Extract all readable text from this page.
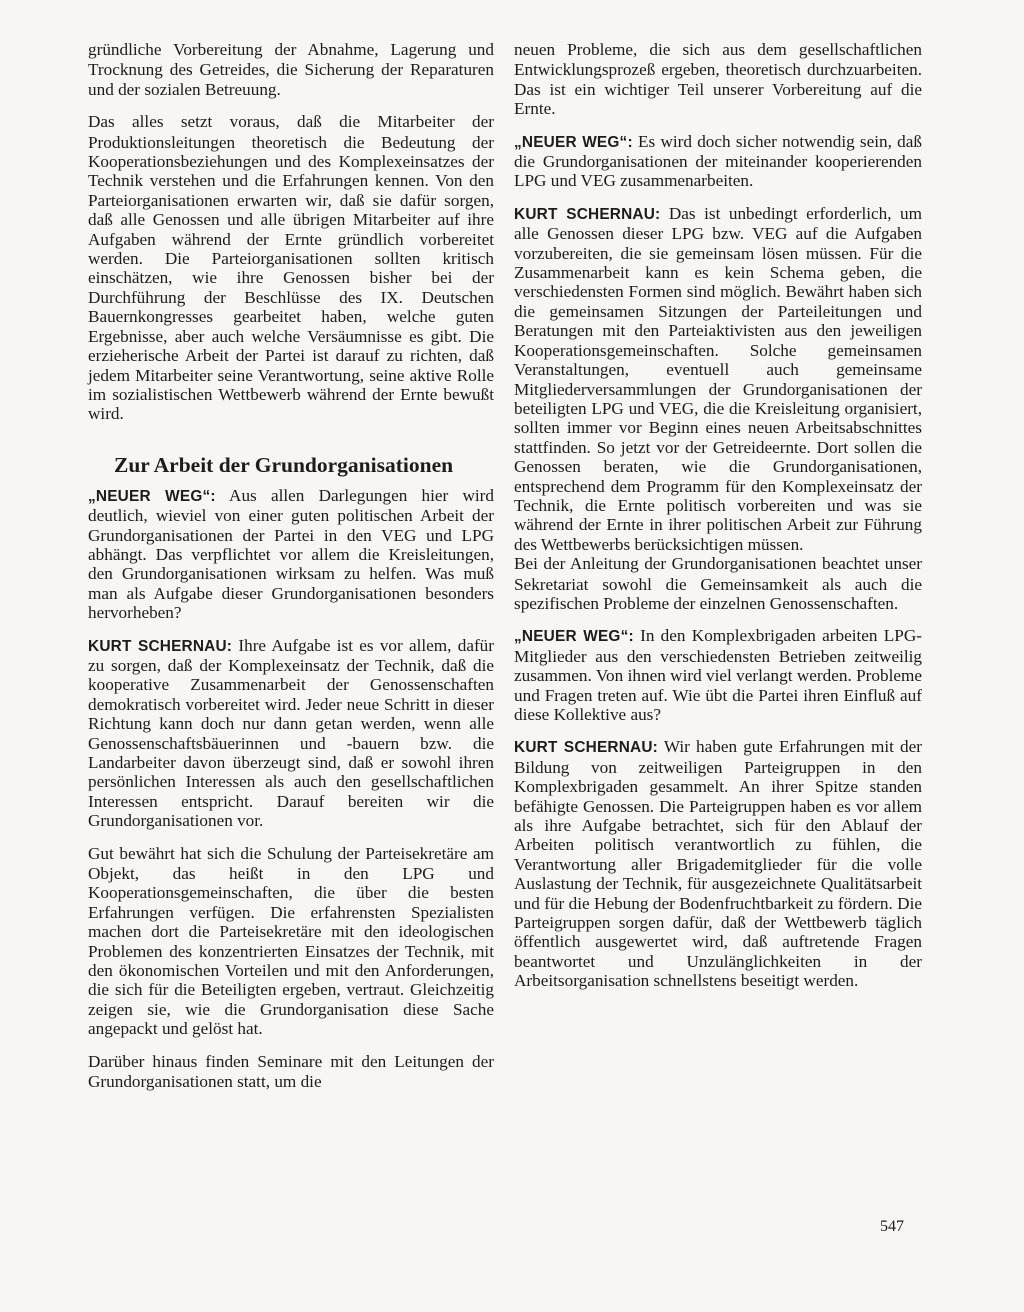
gründliche Vorbereitung der Abnahme, Lagerung und Trocknung des Getreides, die Sicherung der Reparaturen und der sozialen Betreuung.

Das alles setzt voraus, daß die Mitarbeiter der Produktionsleitungen theoretisch die Bedeutung der Kooperationsbeziehungen und des Komplexeinsatzes der Technik verstehen und die Erfahrungen kennen. Von den Parteiorganisationen erwarten wir, daß sie dafür sorgen, daß alle Genossen und alle übrigen Mitarbeiter auf ihre Aufgaben während der Ernte gründlich vorbereitet werden. Die Parteiorganisationen sollten kritisch einschätzen, wie ihre Genossen bisher bei der Durchführung der Beschlüsse des IX. Deutschen Bauernkongresses gearbeitet haben, welche guten Ergebnisse, aber auch welche Versäumnisse es gibt. Die erzieherische Arbeit der Partei ist darauf zu richten, daß jedem Mitarbeiter seine Verantwortung, seine aktive Rolle im sozialistischen Wettbewerb während der Ernte bewußt wird.

Zur Arbeit der Grundorganisationen

„NEUER WEG“: Aus allen Darlegungen hier wird deutlich, wieviel von einer guten politischen Arbeit der Grundorganisationen der Partei in den VEG und LPG abhängt. Das verpflichtet vor allem die Kreisleitungen, den Grundorganisationen wirksam zu helfen. Was muß man als Aufgabe dieser Grundorganisationen besonders hervorheben?

KURT SCHERNAU: Ihre Aufgabe ist es vor allem, dafür zu sorgen, daß der Komplexeinsatz der Technik, daß die kooperative Zusammenarbeit der Genossenschaften demokratisch vorbereitet wird. Jeder neue Schritt in dieser Richtung kann doch nur dann getan werden, wenn alle Genossenschaftsbäuerinnen und -bauern bzw. die Landarbeiter davon überzeugt sind, daß er sowohl ihren persönlichen Interessen als auch den gesellschaftlichen Interessen entspricht. Darauf bereiten wir die Grundorganisationen vor.

Gut bewährt hat sich die Schulung der Parteisekretäre am Objekt, das heißt in den LPG und Kooperationsgemeinschaften, die über die besten Erfahrungen verfügen. Die erfahrensten Spezialisten machen dort die Parteisekretäre mit den ideologischen Problemen des konzentrierten Einsatzes der Technik, mit den ökonomischen Vorteilen und mit den Anforderungen, die sich für die Beteiligten ergeben, vertraut. Gleichzeitig zeigen sie, wie die Grundorganisation diese Sache angepackt und gelöst hat.

Darüber hinaus finden Seminare mit den Leitungen der Grundorganisationen statt, um die

neuen Probleme, die sich aus dem gesellschaftlichen Entwicklungsprozeß ergeben, theoretisch durchzuarbeiten. Das ist ein wichtiger Teil unserer Vorbereitung auf die Ernte.

„NEUER WEG“: Es wird doch sicher notwendig sein, daß die Grundorganisationen der miteinander kooperierenden LPG und VEG zusammenarbeiten.

KURT SCHERNAU: Das ist unbedingt erforderlich, um alle Genossen dieser LPG bzw. VEG auf die Aufgaben vorzubereiten, die sie gemeinsam lösen müssen. Für die Zusammenarbeit kann es kein Schema geben, die verschiedensten Formen sind möglich. Bewährt haben sich die gemeinsamen Sitzungen der Parteileitungen und Beratungen mit den Parteiaktivisten aus den jeweiligen Kooperationsgemeinschaften. Solche gemeinsamen Veranstaltungen, eventuell auch gemeinsame Mitgliederversammlungen der Grundorganisationen der beteiligten LPG und VEG, die die Kreisleitung organisiert, sollten immer vor Beginn eines neuen Arbeitsabschnittes stattfinden. So jetzt vor der Getreideernte. Dort sollen die Genossen beraten, wie die Grundorganisationen, entsprechend dem Programm für den Komplexeinsatz der Technik, die Ernte politisch vorbereiten und was sie während der Ernte in ihrer politischen Arbeit zur Führung des Wettbewerbs berücksichtigen müssen.

Bei der Anleitung der Grundorganisationen beachtet unser Sekretariat sowohl die Gemeinsamkeit als auch die spezifischen Probleme der einzelnen Genossenschaften.

„NEUER WEG“: In den Komplexbrigaden arbeiten LPG-Mitglieder aus den verschiedensten Betrieben zeitweilig zusammen. Von ihnen wird viel verlangt werden. Probleme und Fragen treten auf. Wie übt die Partei ihren Einfluß auf diese Kollektive aus?

KURT SCHERNAU: Wir haben gute Erfahrungen mit der Bildung von zeitweiligen Parteigruppen in den Komplexbrigaden gesammelt. An ihrer Spitze standen befähigte Genossen. Die Parteigruppen haben es vor allem als ihre Aufgabe betrachtet, sich für den Ablauf der Arbeiten politisch verantwortlich zu fühlen, die Verantwortung aller Brigademitglieder für die volle Auslastung der Technik, für ausgezeichnete Qualitätsarbeit und für die Hebung der Bodenfruchtbarkeit zu fördern. Die Parteigruppen sorgen dafür, daß der Wettbewerb täglich öffentlich ausgewertet wird, daß auftretende Fragen beantwortet und Unzulänglichkeiten in der Arbeitsorganisation schnellstens beseitigt werden.

547
